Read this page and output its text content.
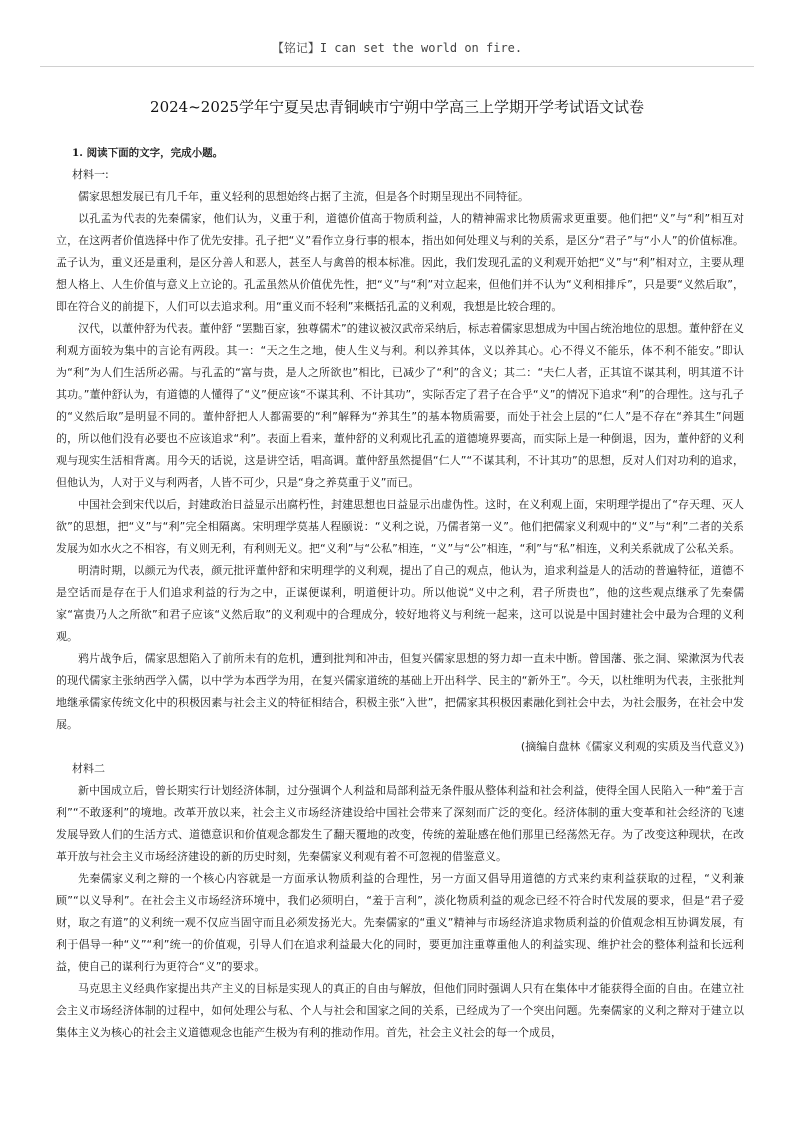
【铭记】I can set the world on fire.
2024~2025学年宁夏吴忠青铜峡市宁朔中学高三上学期开学考试语文试卷
1. 阅读下面的文字，完成小题。
材料一:

儒家思想发展已有几千年，重义轻利的思想始终占据了主流，但是各个时期呈现出不同特征。

以孔孟为代表的先秦儒家，他们认为，义重于利，道德价值高于物质利益，人的精神需求比物质需求更重要。他们把“义”与“利”相互对立，在这两者价值选择中作了优先安排。孔子把“义”看作立身行事的根本，指出如何处理义与利的关系，是区分“君子”与“小人”的价值标准。孟子认为，重义还是重利，是区分善人和恶人，甚至人与禽兽的根本标准。因此，我们发现孔孟的义利观开始把“义”与“利”相对立，主要从理想人格上、人生价值与意义上立论的。孔孟虽然从价值优先性，把“义”与“利”对立起来，但他们并不认为“义利相排斥”，只是要“义然后取”，即在符合义的前提下，人们可以去追求利。用“重义而不轻利”来概括孔孟的义利观，我想是比较合理的。

汉代，以董仲舒为代表。董仲舒 “罢黜百家，独尊儒术”的建议被汉武帝采纳后，标志着儒家思想成为中国占统治地位的思想。董仲舒在义利观方面较为集中的言论有两段。其一：“天之生之地，使人生义与利。利以养其体，义以养其心。心不得义不能乐，体不利不能安。”即认为“利”为人们生活所必需。与孔孟的“富与贵，是人之所欲也”相比，已减少了“利”的含义；其二：“夫仁人者，正其谊不谋其利，明其道不计其功。”董仲舒认为，有道德的人懂得了“义”便应该“不谋其利、不计其功”，实际否定了君子在合乎“义”的情况下追求“利”的合理性。这与孔子的“义然后取”是明显不同的。董仲舒把人人都需要的“利”解释为“养其生”的基本物质需要，而处于社会上层的“仁人”是不存在“养其生”问题的，所以他们没有必要也不应该追求“利”。表面上看来，董仲舒的义利观比孔孟的道德境界要高，而实际上是一种倒退，因为，董仲舒的义利观与现实生活相背离。用今天的话说，这是讲空话，唱高调。董仲舒虽然提倡“仁人”“不谋其利，不计其功”的思想，反对人们对功利的追求，但他认为，人对于义与利两者，人皆不可少，只是“身之养莫重于义”而已。

中国社会到宋代以后，封建政治日益显示出腐朽性，封建思想也日益显示出虚伪性。这时，在义利观上面，宋明理学提出了“存天理、灭人欲”的思想，把“义”与“利”完全相隔离。宋明理学莫基人程颐说：“义利之说，乃儒者第一义”。他们把儒家义利观中的“义”与“利”二者的关系发展为如水火之不相容，有义则无利，有利则无义。把“义利”与“公私”相连，“义”与“公”相连，“利”与“私”相连，义利关系就成了公私关系。

明清时期，以颜元为代表，颜元批评董仲舒和宋明理学的义利观，提出了自己的观点，他认为，追求利益是人的活动的普遍特征，道德不是空话而是存在于人们追求利益的行为之中，正谋便谋利，明道便计功。所以他说“义中之利，君子所贵也”，他的这些观点继承了先秦儒家“富贵乃人之所欲”和君子应该“义然后取”的义利观中的合理成分，较好地将义与利统一起来，这可以说是中国封建社会中最为合理的义利观。

鸦片战争后，儒家思想陷入了前所未有的危机，遭到批判和冲击，但复兴儒家思想的努力却一直未中断。曾国藩、张之洞、梁漱溟为代表的现代儒家主张纳西学入儒，以中学为本西学为用，在复兴儒家道统的基础上开出科学、民主的“新外王”。今天，以杜维明为代表，主张批判地继承儒家传统文化中的积极因素与社会主义的特征相结合，积极主张“入世”，把儒家其积极因素融化到社会中去，为社会服务，在社会中发展。

(摘编自盘林《儒家义利观的实质及当代意义》)
材料二

新中国成立后，曾长期实行计划经济体制，过分强调个人利益和局部利益无条件服从整体利益和社会利益，使得全国人民陷入一种“羞于言利”“不敢逐利”的境地。改革开放以来，社会主义市场经济建设给中国社会带来了深刻而广泛的变化。经济体制的重大变革和社会经济的飞速发展导致人们的生活方式、道德意识和价值观念都发生了翻天覆地的改变，传统的羞耻感在他们那里已经荡然无存。为了改变这种现状，在改革开放与社会主义市场经济建设的新的历史时刻，先秦儒家义利观有着不可忽视的借鉴意义。

先秦儒家义利之辩的一个核心内容就是一方面承认物质利益的合理性，另一方面又倡导用道德的方式来约束利益获取的过程，“义利兼顾”“以义导利”。在社会主义市场经济环境中，我们必须明白，“羞于言利”，淡化物质利益的观念已经不符合时代发展的要求，但是“君子爱财，取之有道”的义利统一观不仅应当固守而且必须发扬光大。先秦儒家的“重义”精神与市场经济追求物质利益的价值观念相互协调发展，有利于倡导一种“义”“利”统一的价值观，引导人们在追求利益最大化的同时，要更加注重尊重他人的利益实现、维护社会的整体利益和长远利益，使自己的谋利行为更符合“义”的要求。

马克思主义经典作家提出共产主义的目标是实现人的真正的自由与解放，但他们同时强调人只有在集体中才能获得全面的自由。在建立社会主义市场经济体制的过程中，如何处理公与私、个人与社会和国家之间的关系，已经成为了一个突出问题。先秦儒家的义利之辩对于建立以集体主义为核心的社会主义道德观念也能产生极为有利的推动作用。首先，社会主义社会的每一个成员，
